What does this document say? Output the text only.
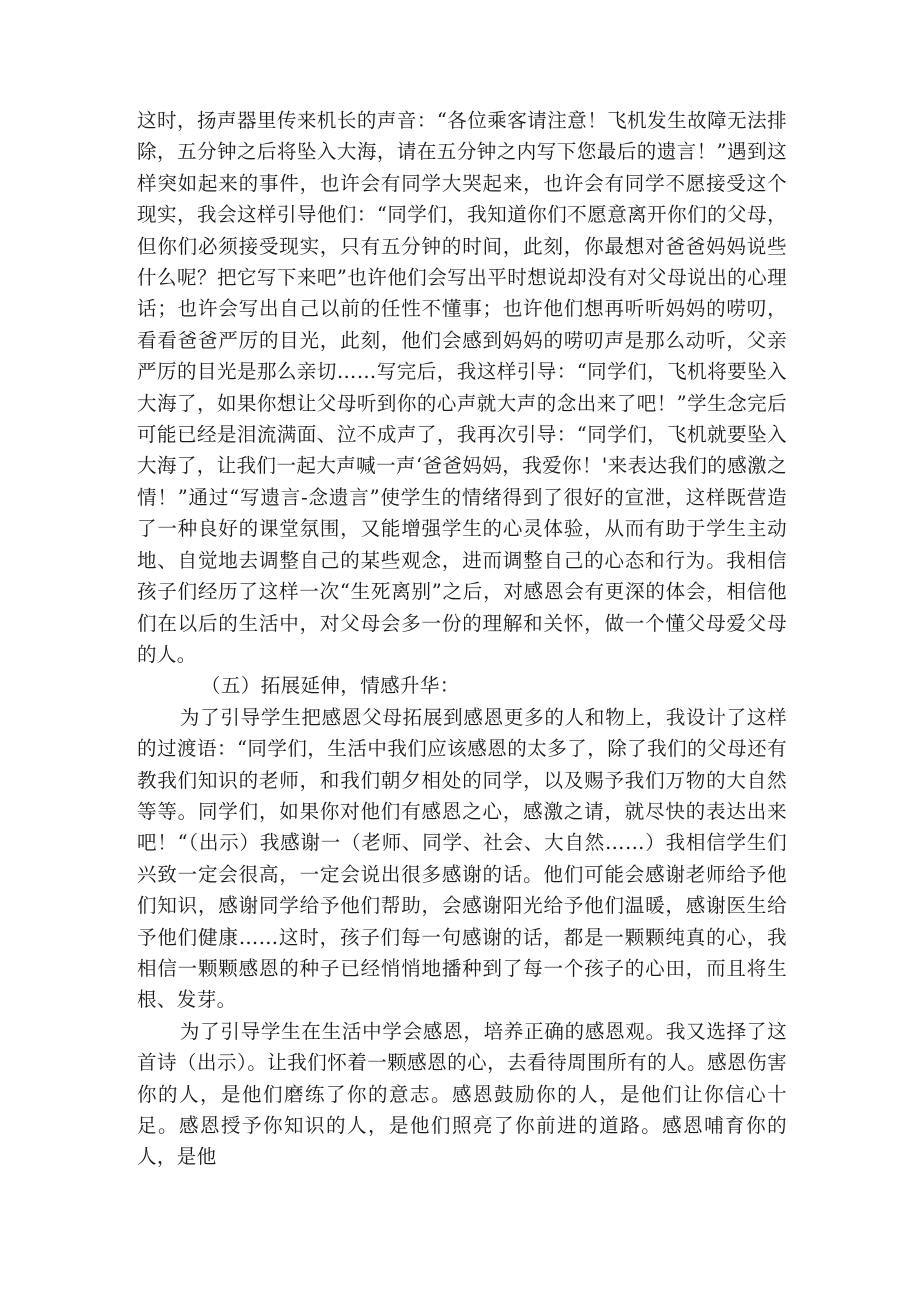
这时，扬声器里传来机长的声音：“各位乘客请注意！飞机发生故障无法排除，五分钟之后将坠入大海，请在五分钟之内写下您最后的遗言！”遇到这样突如起来的事件，也许会有同学大哭起来，也许会有同学不愿接受这个现实，我会这样引导他们：“同学们，我知道你们不愿意离开你们的父母，但你们必须接受现实，只有五分钟的时间，此刻，你最想对爸爸妈妈说些什么呢？把它写下来吧”也许他们会写出平时想说却没有对父母说出的心理话；也许会写出自己以前的任性不懂事；也许他们想再听听妈妈的唠叨，看看爸爸严厉的目光，此刻，他们会感到妈妈的唠叨声是那么动听，父亲严厉的目光是那么亲切……写完后，我这样引导：“同学们，飞机将要坠入大海了，如果你想让父母听到你的心声就大声的念出来了吧！”学生念完后可能已经是泪流满面、泣不成声了，我再次引导：“同学们，飞机就要坠入大海了，让我们一起大声喊一声‘爸爸妈妈，我爱你！'来表达我们的感激之情！”通过“写遗言-念遗言”使学生的情绪得到了很好的宣泄，这样既营造了一种良好的课堂氛围，又能增强学生的心灵体验，从而有助于学生主动地、自觉地去调整自己的某些观念，进而调整自己的心态和行为。我相信孩子们经历了这样一次“生死离别”之后，对感恩会有更深的体会，相信他们在以后的生活中，对父母会多一份的理解和关怀，做一个懂父母爱父母的人。

（五）拓展延伸，情感升华：

为了引导学生把感恩父母拓展到感恩更多的人和物上，我设计了这样的过渡语：“同学们，生活中我们应该感恩的太多了，除了我们的父母还有教我们知识的老师，和我们朝夕相处的同学，以及赐予我们万物的大自然等等。同学们，如果你对他们有感恩之心，感激之请，就尽快的表达出来吧！“（出示）我感谢一（老师、同学、社会、大自然……）我相信学生们兴致一定会很高，一定会说出很多感谢的话。他们可能会感谢老师给予他们知识，感谢同学给予他们帮助，会感谢阳光给予他们温暖，感谢医生给予他们健康……这时，孩子们每一句感谢的话，都是一颗颗纯真的心，我相信一颗颗感恩的种子已经悄悄地播种到了每一个孩子的心田，而且将生根、发芽。

为了引导学生在生活中学会感恩，培养正确的感恩观。我又选择了这首诗（出示）。让我们怀着一颗感恩的心，去看待周围所有的人。感恩伤害你的人，是他们磨练了你的意志。感恩鼓励你的人，是他们让你信心十足。感恩授予你知识的人，是他们照亮了你前进的道路。感恩哺育你的人，是他
